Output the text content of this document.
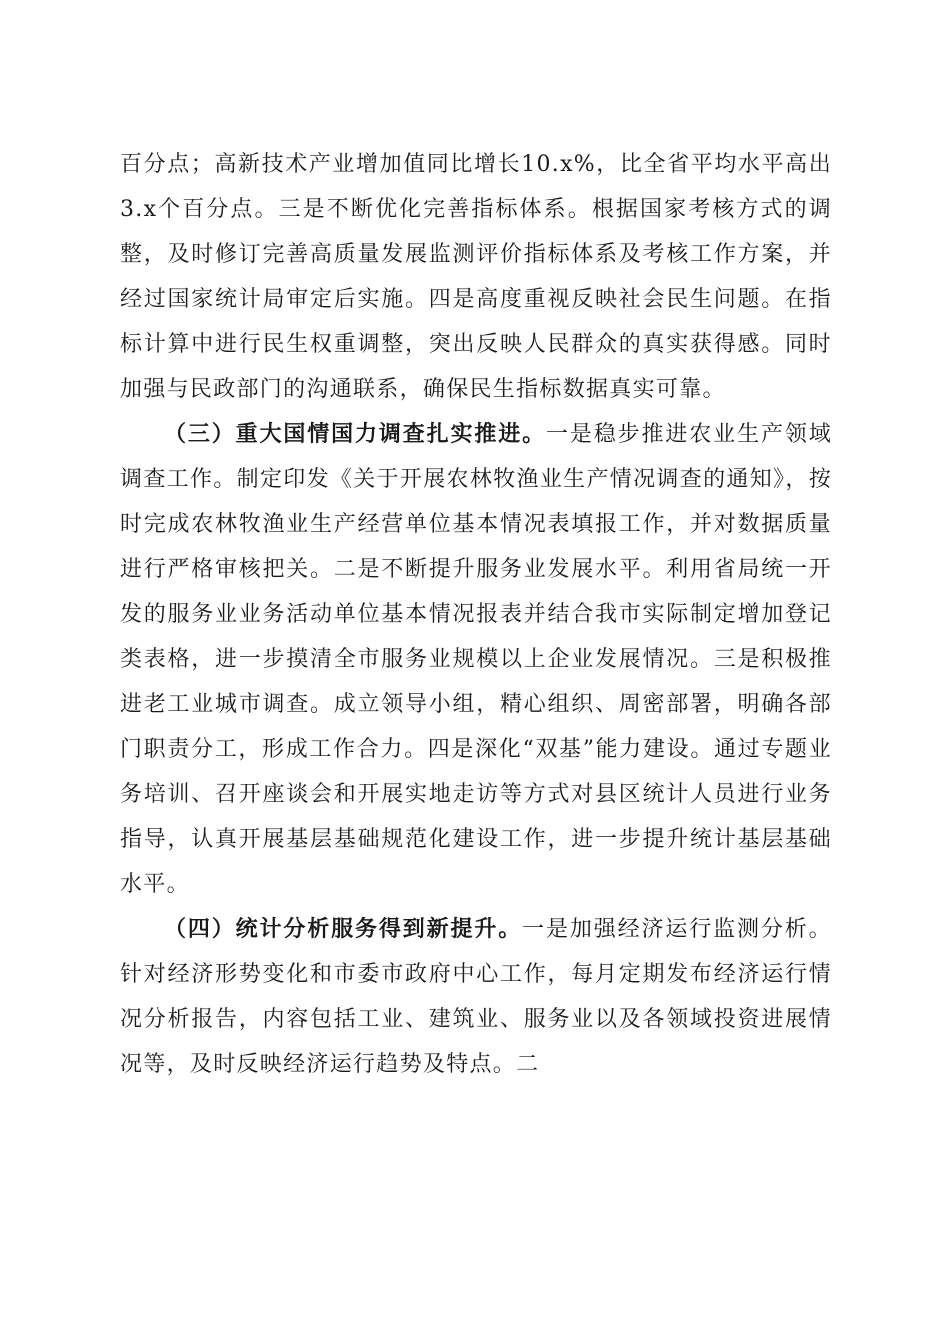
百分点；高新技术产业增加值同比增长10.x%，比全省平均水平高出3.x个百分点。三是不断优化完善指标体系。根据国家考核方式的调整，及时修订完善高质量发展监测评价指标体系及考核工作方案，并经过国家统计局审定后实施。四是高度重视反映社会民生问题。在指标计算中进行民生权重调整，突出反映人民群众的真实获得感。同时加强与民政部门的沟通联系，确保民生指标数据真实可靠。

（三）重大国情国力调查扎实推进。一是稳步推进农业生产领域调查工作。制定印发《关于开展农林牧渔业生产情况调查的通知》，按时完成农林牧渔业生产经营单位基本情况表填报工作，并对数据质量进行严格审核把关。二是不断提升服务业发展水平。利用省局统一开发的服务业业务活动单位基本情况报表并结合我市实际制定增加登记类表格，进一步摸清全市服务业规模以上企业发展情况。三是积极推进老工业城市调查。成立领导小组，精心组织、周密部署，明确各部门职责分工，形成工作合力。四是深化“双基”能力建设。通过专题业务培训、召开座谈会和开展实地走访等方式对县区统计人员进行业务指导，认真开展基层基础规范化建设工作，进一步提升统计基层基础水平。

（四）统计分析服务得到新提升。一是加强经济运行监测分析。针对经济形势变化和市委市政府中心工作，每月定期发布经济运行情况分析报告，内容包括工业、建筑业、服务业以及各领域投资进展情况等，及时反映经济运行趋势及特点。二
